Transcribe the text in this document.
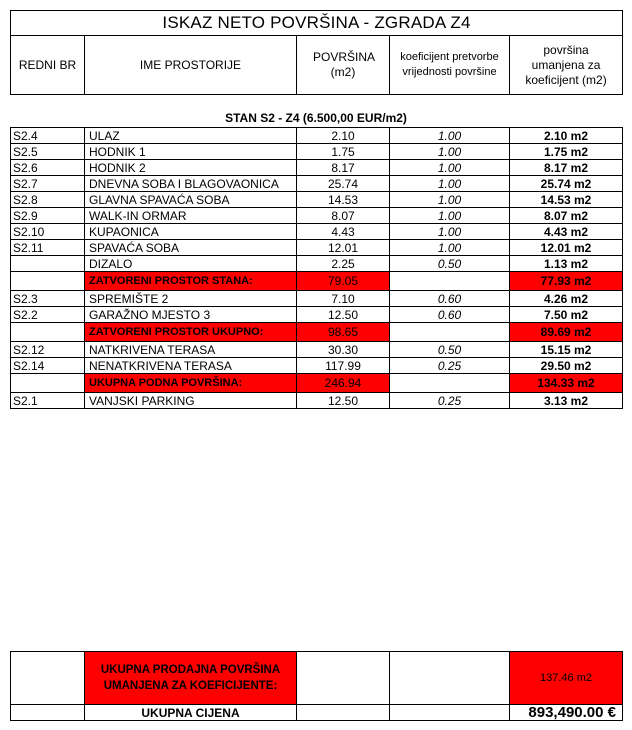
ISKAZ NETO POVRŠINA - ZGRADA Z4
REDNI BR	IME PROSTORIJE	POVRŠINA (m2)	koeficijent pretvorbe vrijednosti površine	površina umanjena za koeficijent (m2)
STAN S2 - Z4 (6.500,00 EUR/m2)
S2.4	ULAZ	2.10	1.00	2.10 m2
S2.5	HODNIK 1	1.75	1.00	1.75 m2
S2.6	HODNIK 2	8.17	1.00	8.17 m2
S2.7	DNEVNA SOBA I BLAGOVAONICA	25.74	1.00	25.74 m2
S2.8	GLAVNA SPAVAĆA SOBA	14.53	1.00	14.53 m2
S2.9	WALK-IN ORMAR	8.07	1.00	8.07 m2
S2.10	KUPAONICA	4.43	1.00	4.43 m2
S2.11	SPAVAĆA SOBA	12.01	1.00	12.01 m2
	DIZALO	2.25	0.50	1.13 m2
	ZATVORENI PROSTOR STANA:	79.05		77.93 m2
S2.3	SPREMIŠTE 2	7.10	0.60	4.26 m2
S2.2	GARAŽNO MJESTO 3	12.50	0.60	7.50 m2
	ZATVORENI PROSTOR UKUPNO:	98.65		89.69 m2
S2.12	NATKRIVENA TERASA	30.30	0.50	15.15 m2
S2.14	NENATKRIVENA TERASA	117.99	0.25	29.50 m2
	UKUPNA PODNA POVRŠINA:	246.94		134.33 m2
S2.1	VANJSKI PARKING	12.50	0.25	3.13 m2
	UKUPNA PRODAJNA POVRŠINA UMANJENA ZA KOEFICIJENTE:			137.46 m2
	UKUPNA CIJENA			893,490.00 €
